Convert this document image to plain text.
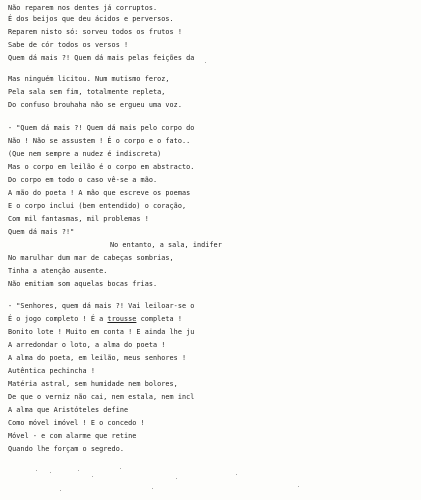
Não reparem nos dentes já corruptos.
É dos beijos que deu ácidos e perversos.
Reparem nisto só: sorveu todos os frutos !
Sabe de cór todos os versos !
Quem dá mais ?! Quem dá mais pelas feições da
Mas ninguém licitou. Num mutismo feroz,
Pela sala sem fim, totalmente repleta,
Do confuso brouhaha não se ergueu uma voz.
- "Quem dá mais ?! Quem dá mais pelo corpo do
Não ! Não se assustem ! É o corpo e o fato..
(Que nem sempre a nudez é indiscreta)
Mas o corpo em leilão é o corpo em abstracto.
Do corpo em todo o caso vê-se a mão.
A mão do poeta ! A mão que escreve os poemas
E o corpo inclui (bem entendido) o coração,
Com mil fantasmas, mil problemas !
Quem dá mais ?!"
No entanto, a sala, indifer
No marulhar dum mar de cabeças sombrias,
Tinha a atenção ausente.
Não emitiam som aquelas bocas frias.
- "Senhores, quem dá mais ?! Vai leiloar-se o
É o jogo completo ! É a trousse completa !
Bonito lote ! Muito em conta ! E ainda lhe ju
A arredondar o loto, a alma do poeta !
A alma do poeta, em leilão, meus senhores !
Autêntica pechincha !
Matéria astral, sem humidade nem bolores,
De que o verniz não cai, nem estala, nem incl
A alma que Aristóteles define
Como móvel imóvel ! E o concedo !
Móvel - e com alarme que retine
Quando lhe forçam o segredo.
